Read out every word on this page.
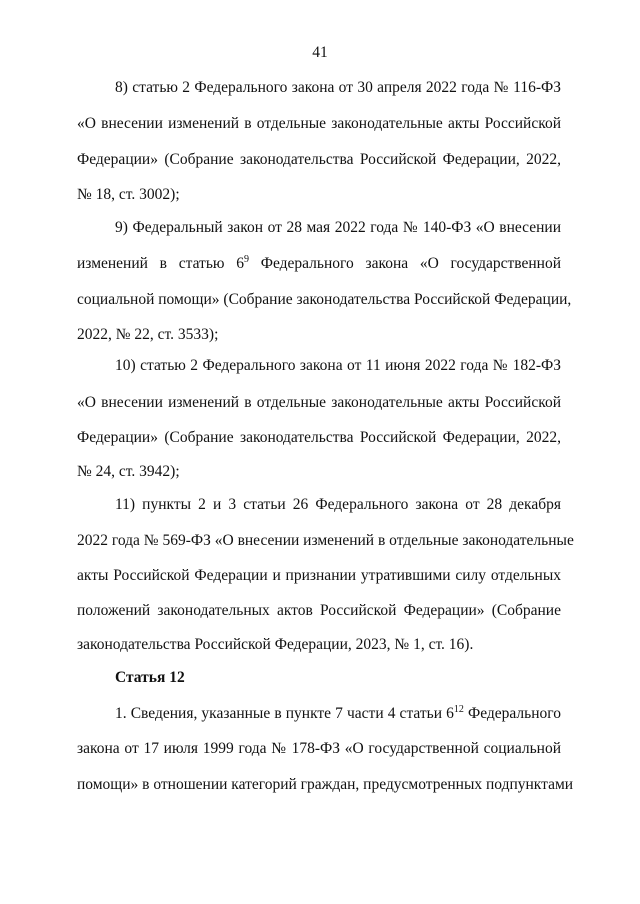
41
8) статью 2 Федерального закона от 30 апреля 2022 года № 116-ФЗ
«О внесении изменений в отдельные законодательные акты Российской
Федерации» (Собрание законодательства Российской Федерации, 2022,
№ 18, ст. 3002);
9) Федеральный закон от 28 мая 2022 года № 140-ФЗ «О внесении
изменений в статью $6^9$ Федерального закона «О государственной
социальной помощи» (Собрание законодательства Российской Федерации,
2022, № 22, ст. 3533);
10) статью 2 Федерального закона от 11 июня 2022 года № 182-ФЗ
«О внесении изменений в отдельные законодательные акты Российской
Федерации» (Собрание законодательства Российской Федерации, 2022,
№ 24, ст. 3942);
11) пункты 2 и 3 статьи 26 Федерального закона от 28 декабря
2022 года № 569-ФЗ «О внесении изменений в отдельные законодательные
акты Российской Федерации и признании утратившими силу отдельных
положений законодательных актов Российской Федерации» (Собрание
законодательства Российской Федерации, 2023, № 1, ст. 16).
Статья 12
1. Сведения, указанные в пункте 7 части 4 статьи $6^{12}$ Федерального
закона от 17 июля 1999 года № 178-ФЗ «О государственной социальной
помощи» в отношении категорий граждан, предусмотренных подпунктами
